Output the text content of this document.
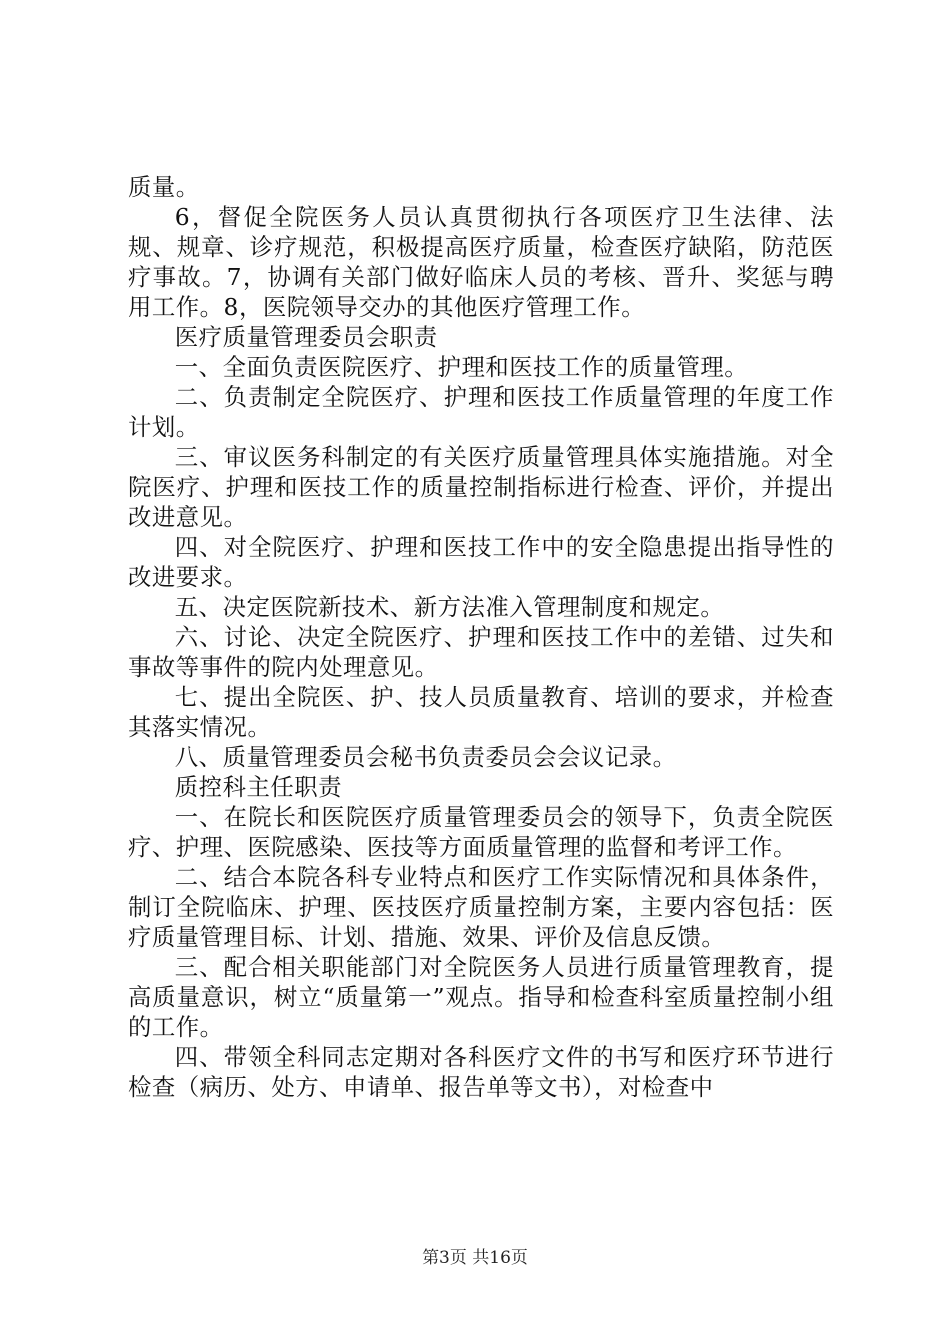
质量。

6，督促全院医务人员认真贯彻执行各项医疗卫生法律、法规、规章、诊疗规范，积极提高医疗质量，检查医疗缺陷，防范医疗事故。7，协调有关部门做好临床人员的考核、晋升、奖惩与聘用工作。8，医院领导交办的其他医疗管理工作。

医疗质量管理委员会职责

一、全面负责医院医疗、护理和医技工作的质量管理。

二、负责制定全院医疗、护理和医技工作质量管理的年度工作计划。

三、审议医务科制定的有关医疗质量管理具体实施措施。对全院医疗、护理和医技工作的质量控制指标进行检查、评价，并提出改进意见。

四、对全院医疗、护理和医技工作中的安全隐患提出指导性的改进要求。

五、决定医院新技术、新方法准入管理制度和规定。

六、讨论、决定全院医疗、护理和医技工作中的差错、过失和事故等事件的院内处理意见。

七、提出全院医、护、技人员质量教育、培训的要求，并检查其落实情况。

八、质量管理委员会秘书负责委员会会议记录。

质控科主任职责

一、在院长和医院医疗质量管理委员会的领导下，负责全院医疗、护理、医院感染、医技等方面质量管理的监督和考评工作。

二、结合本院各科专业特点和医疗工作实际情况和具体条件，制订全院临床、护理、医技医疗质量控制方案，主要内容包括：医疗质量管理目标、计划、措施、效果、评价及信息反馈。

三、配合相关职能部门对全院医务人员进行质量管理教育，提高质量意识，树立“质量第一”观点。指导和检查科室质量控制小组的工作。

四、带领全科同志定期对各科医疗文件的书写和医疗环节进行检查（病历、处方、申请单、报告单等文书），对检查中

第3页 共16页
